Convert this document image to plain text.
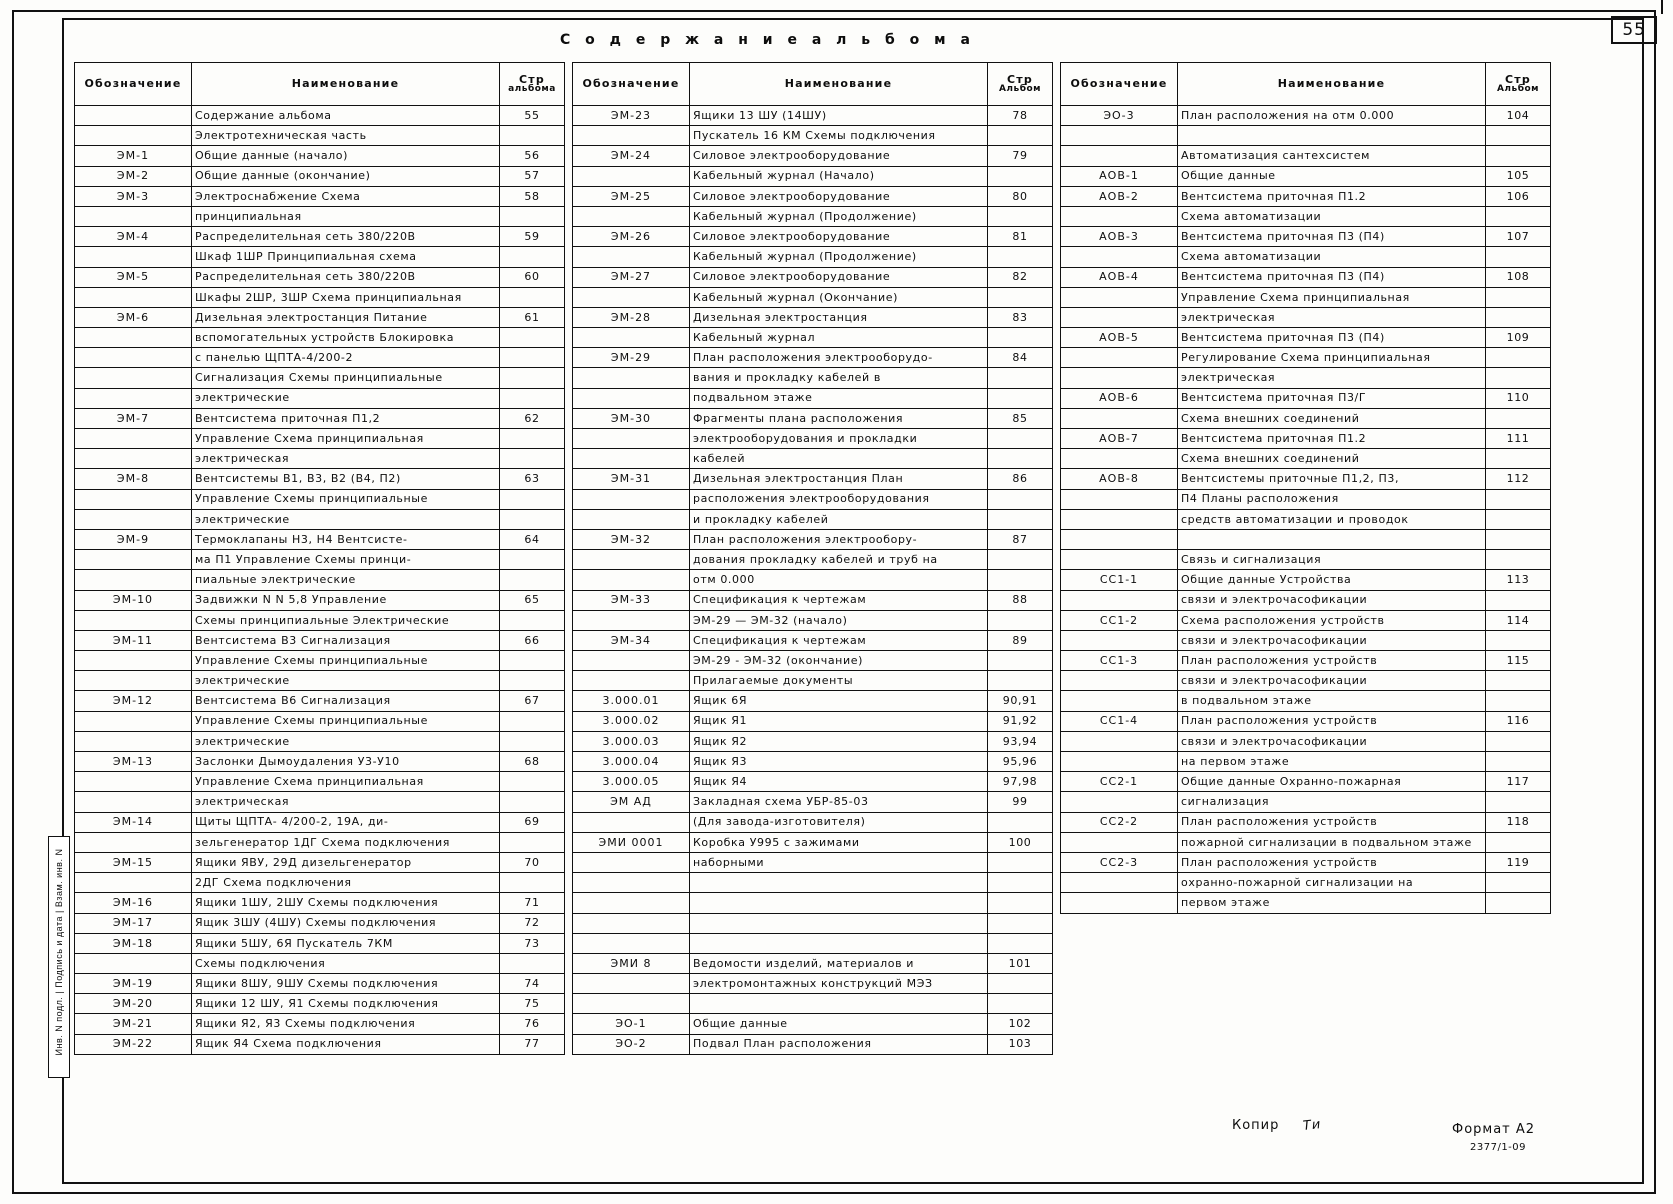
55
С о д е р ж а н и е а л ь б о м а
Инв. N подл. | Подпись и дата | Взам. инв. N
Обозначение	Наименование	Стр
альбома

	Содержание альбома	55
	Электротехническая часть	
ЭМ-1	Общие данные (начало)	56
ЭМ-2	Общие данные (окончание)	57
ЭМ-3	Электроснабжение Схема	58
	принципиальная	
ЭМ-4	Распределительная сеть 380/220В	59
	Шкаф 1ШР Принципиальная схема	
ЭМ-5	Распределительная сеть 380/220В	60
	Шкафы 2ШР, 3ШР Схема принципиальная	
ЭМ-6	Дизельная электростанция Питание	61
	вспомогательных устройств Блокировка	
	с панелью ЩПТА-4/200-2	
	Сигнализация Схемы принципиальные	
	электрические	
ЭМ-7	Вентсистема приточная П1,2	62
	Управление Схема принципиальная	
	электрическая	
ЭМ-8	Вентсистемы В1, В3, В2 (В4, П2)	63
	Управление Схемы принципиальные	
	электрические	
ЭМ-9	Термоклапаны Н3, Н4 Вентсисте-	64
	ма П1 Управление Схемы принци-	
	пиальные электрические	
ЭМ-10	Задвижки N N 5,8 Управление	65
	Схемы принципиальные Электрические	
ЭМ-11	Вентсистема В3 Сигнализация	66
	Управление Схемы принципиальные	
	электрические	
ЭМ-12	Вентсистема В6 Сигнализация	67
	Управление Схемы принципиальные	
	электрические	
ЭМ-13	Заслонки Дымоудаления У3-У10	68
	Управление Схема принципиальная	
	электрическая	
ЭМ-14	Щиты ЩПТА- 4/200-2, 19А, ди-	69
	зельгенератор 1ДГ Схема подключения	
ЭМ-15	Ящики ЯВУ, 29Д дизельгенератор	70
	2ДГ Схема подключения	
ЭМ-16	Ящики 1ШУ, 2ШУ Схемы подключения	71
ЭМ-17	Ящик 3ШУ (4ШУ) Схемы подключения	72
ЭМ-18	Ящики 5ШУ, 6Я Пускатель 7КМ	73
	Схемы подключения	
ЭМ-19	Ящики 8ШУ, 9ШУ Схемы подключения	74
ЭМ-20	Ящики 12 ШУ, Я1 Схемы подключения	75
ЭМ-21	Ящики Я2, Я3 Схемы подключения	76
ЭМ-22	Ящик Я4 Схема подключения	77
Обозначение	Наименование	Стр
Альбом

ЭМ-23	Ящики 13 ШУ (14ШУ)	78
	Пускатель 16 КМ Схемы подключения	
ЭМ-24	Силовое электрооборудование	79
	Кабельный журнал (Начало)	
ЭМ-25	Силовое электрооборудование	80
	Кабельный журнал (Продолжение)	
ЭМ-26	Силовое электрооборудование	81
	Кабельный журнал (Продолжение)	
ЭМ-27	Силовое электрооборудование	82
	Кабельный журнал (Окончание)	
ЭМ-28	Дизельная электростанция	83
	Кабельный журнал	
ЭМ-29	План расположения электрооборудо-	84
	вания и прокладку кабелей в	
	подвальном этаже	
ЭМ-30	Фрагменты плана расположения	85
	электрооборудования и прокладки	
	кабелей	
ЭМ-31	Дизельная электростанция План	86
	расположения электрооборудования	
	и прокладку кабелей	
ЭМ-32	План расположения электрообору-	87
	дования прокладку кабелей и труб на	
	отм 0.000	
ЭМ-33	Спецификация к чертежам	88
	ЭМ-29 — ЭМ-32 (начало)	
ЭМ-34	Спецификация к чертежам	89
	ЭМ-29 - ЭМ-32 (окончание)	
	Прилагаемые документы	
3.000.01	Ящик 6Я	90,91
3.000.02	Ящик Я1	91,92
3.000.03	Ящик Я2	93,94
3.000.04	Ящик Я3	95,96
3.000.05	Ящик Я4	97,98
ЭМ АД	Закладная схема УБР-85-03	99
	(Для завода-изготовителя)	
ЭМИ 0001	Коробка У995 с зажимами	100
	наборными	

ЭМИ 8	Ведомости изделий, материалов и	101
	электромонтажных конструкций МЭЗ	

ЭО-1	Общие данные	102
ЭО-2	Подвал План расположения	103
Обозначение	Наименование	Стр
Альбом

ЭО-3	План расположения на отм 0.000	104

	Автоматизация сантехсистем	
АОВ-1	Общие данные	105
АОВ-2	Вентсистема приточная П1.2	106
	Схема автоматизации	
АОВ-3	Вентсистема приточная П3 (П4)	107
	Схема автоматизации	
АОВ-4	Вентсистема приточная П3 (П4)	108
	Управление Схема принципиальная	
	электрическая	
АОВ-5	Вентсистема приточная П3 (П4)	109
	Регулирование Схема принципиальная	
	электрическая	
АОВ-6	Вентсистема приточная П3/Г	110
	Схема внешних соединений	
АОВ-7	Вентсистема приточная П1.2	111
	Схема внешних соединений	
АОВ-8	Вентсистемы приточные П1,2, П3,	112
	П4 Планы расположения	
	средств автоматизации и проводок	

	Связь и сигнализация	
СС1-1	Общие данные Устройства	113
	связи и электрочасофикации	
СС1-2	Схема расположения устройств	114
	связи и электрочасофикации	
СС1-3	План расположения устройств	115
	связи и электрочасофикации	
	в подвальном этаже	
СС1-4	План расположения устройств	116
	связи и электрочасофикации	
	на первом этаже	
СС2-1	Общие данные Охранно-пожарная	117
	сигнализация	
СС2-2	План расположения устройств	118
	пожарной сигнализации в подвальном этаже	
СС2-3	План расположения устройств	119
	охранно-пожарной сигнализации на	
	первом этаже	
Копир Ти	Формат А2
2377/1-09
